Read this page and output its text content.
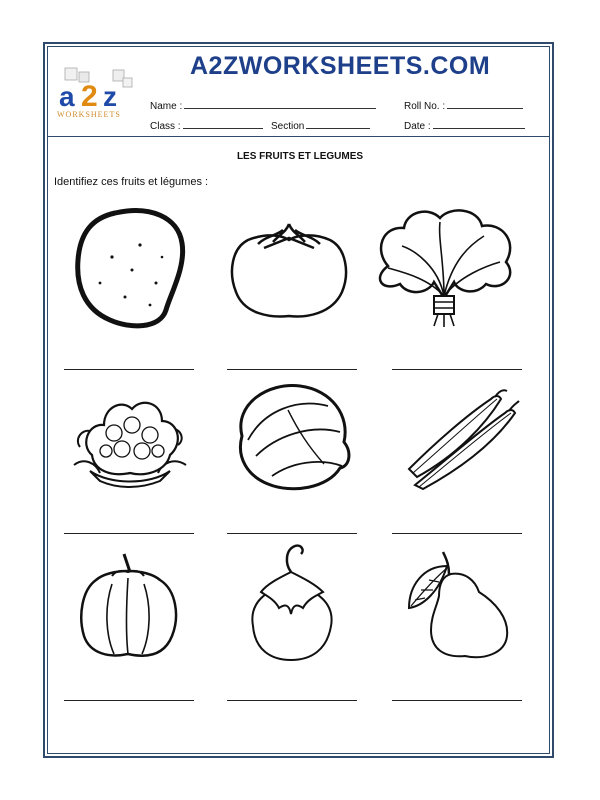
a 2 z
WORKSHEETS
A2ZWORKSHEETS.COM
Name :	Roll No. :
Class :	Section	Date :
LES FRUITS ET LEGUMES
Identifiez ces fruits et légumes :
